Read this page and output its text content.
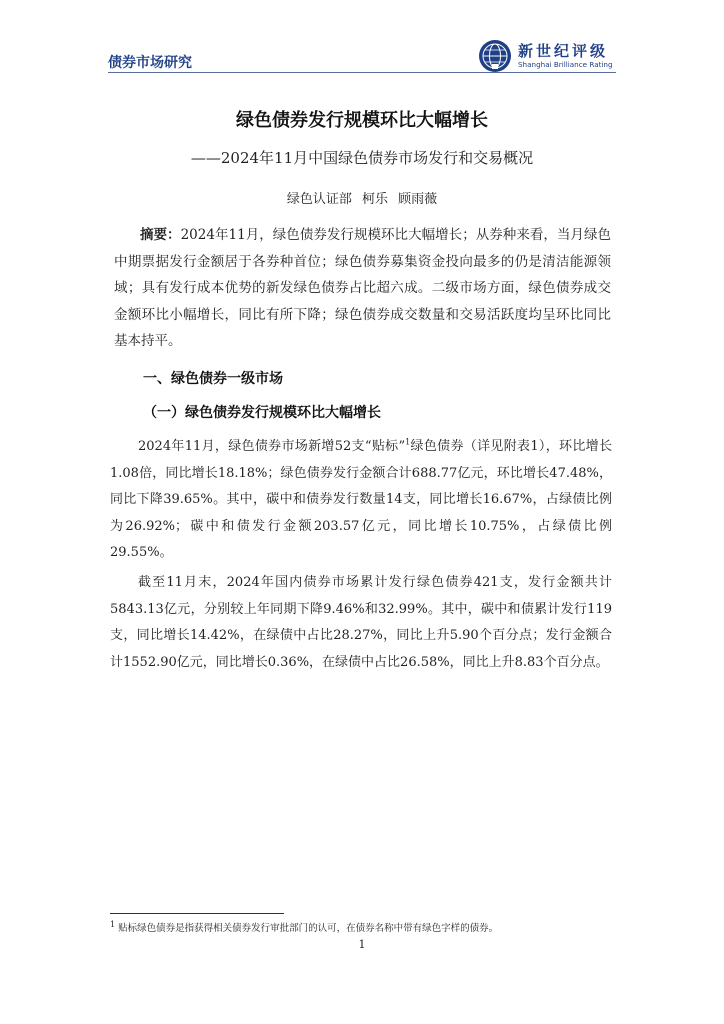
债券市场研究
新世纪评级
Shanghai Brilliance Rating
绿色债券发行规模环比大幅增长
——2024年11月中国绿色债券市场发行和交易概况
绿色认证部 柯乐 顾雨薇
摘要：2024年11月，绿色债券发行规模环比大幅增长；从券种来看，当月绿色中期票据发行金额居于各券种首位；绿色债券募集资金投向最多的仍是清洁能源领域；具有发行成本优势的新发绿色债券占比超六成。二级市场方面，绿色债券成交金额环比小幅增长，同比有所下降；绿色债券成交数量和交易活跃度均呈环比同比基本持平。
一、绿色债券一级市场
（一）绿色债券发行规模环比大幅增长
2024年11月，绿色债券市场新增52支“贴标”$^1$绿色债券（详见附表1），环比增长1.08倍，同比增长18.18%；绿色债券发行金额合计688.77亿元，环比增长47.48%，同比下降39.65%。其中，碳中和债券发行数量14支，同比增长16.67%，占绿债比例为26.92%；碳中和债发行金额203.57亿元，同比增长10.75%，占绿债比例29.55%。
截至11月末，2024年国内债券市场累计发行绿色债券421支，发行金额共计5843.13亿元，分别较上年同期下降9.46%和32.99%。其中，碳中和债累计发行119支，同比增长14.42%，在绿债中占比28.27%，同比上升5.90个百分点；发行金额合计1552.90亿元，同比增长0.36%，在绿债中占比26.58%，同比上升8.83个百分点。
$^1$ 贴标绿色债券是指获得相关债券发行审批部门的认可，在债券名称中带有绿色字样的债券。
1
